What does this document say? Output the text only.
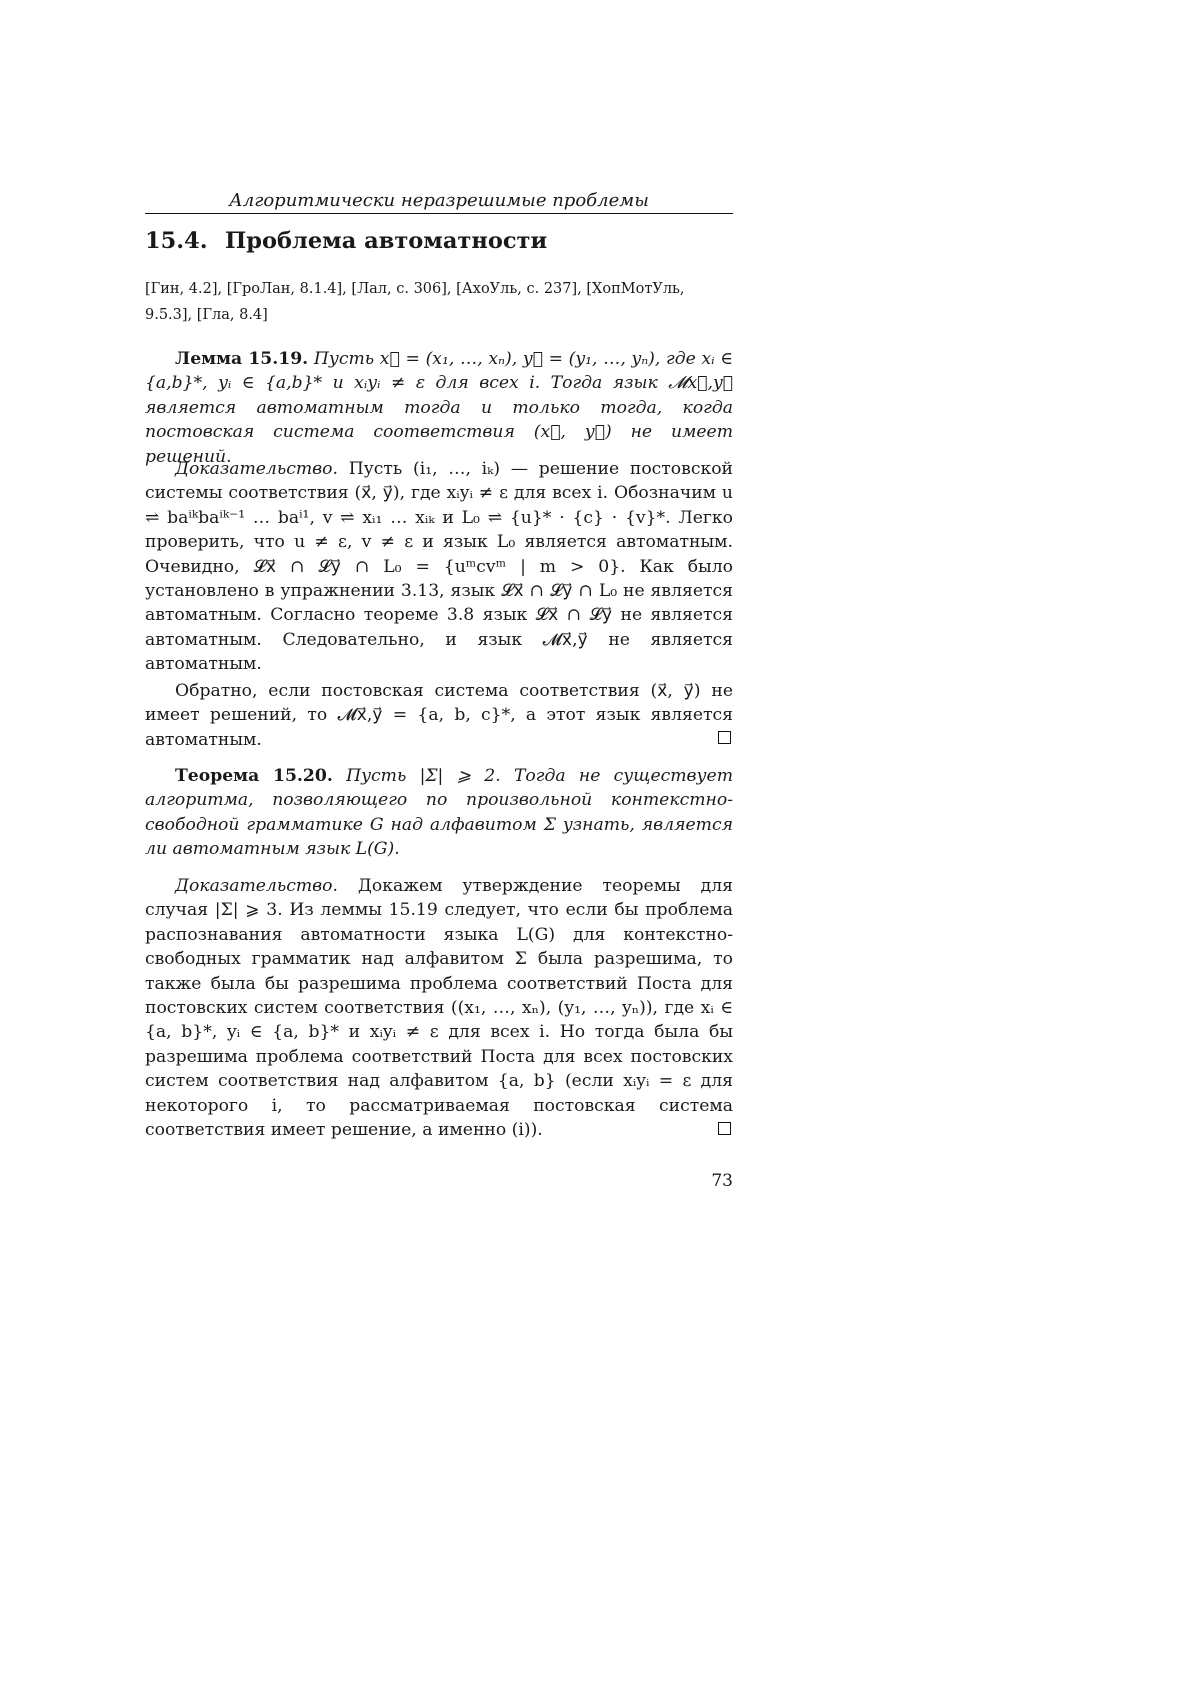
Алгоритмически неразрешимые проблемы
15.4. Проблема автоматности
[Гин, 4.2], [ГроЛан, 8.1.4], [Лал, с. 306], [АхоУль, с. 237], [ХопМотУль, 9.5.3], [Гла, 8.4]

Лемма 15.19. Пусть x⃗ = (x₁, …, xₙ), y⃗ = (y₁, …, yₙ), где xᵢ ∈ {a,b}*, yᵢ ∈ {a,b}* и xᵢyᵢ ≠ ε для всех i. Тогда язык 𝓜x⃗,y⃗ является автоматным тогда и только тогда, когда постовская система соответствия (x⃗, y⃗) не имеет решений.

Доказательство. Пусть (i₁, …, iₖ) — решение постовской системы соответствия (x⃗, y⃗), где xᵢyᵢ ≠ ε для всех i. Обозначим u ⇌ baⁱᵏbaⁱᵏ⁻¹ … baⁱ¹, v ⇌ xᵢ₁ … xᵢₖ и L₀ ⇌ {u}* · {c} · {v}*. Легко проверить, что u ≠ ε, v ≠ ε и язык L₀ является автоматным. Очевидно, 𝓛x⃗ ∩ 𝓛y⃗ ∩ L₀ = {uᵐcvᵐ | m > 0}. Как было установлено в упражнении 3.13, язык 𝓛x⃗ ∩ 𝓛y⃗ ∩ L₀ не является автоматным. Согласно теореме 3.8 язык 𝓛x⃗ ∩ 𝓛y⃗ не является автоматным. Следовательно, и язык 𝓜x⃗,y⃗ не является автоматным.

Обратно, если постовская система соответствия (x⃗, y⃗) не имеет решений, то 𝓜x⃗,y⃗ = {a, b, c}*, а этот язык является автоматным.

Теорема 15.20. Пусть |Σ| ⩾ 2. Тогда не существует алгоритма, позволяющего по произвольной контекстно-свободной грамматике G над алфавитом Σ узнать, является ли автоматным язык L(G).

Доказательство. Докажем утверждение теоремы для случая |Σ| ⩾ 3. Из леммы 15.19 следует, что если бы проблема распознавания автоматности языка L(G) для контекстно-свободных грамматик над алфавитом Σ была разрешима, то также была бы разрешима проблема соответствий Поста для постовских систем соответствия ((x₁, …, xₙ), (y₁, …, yₙ)), где xᵢ ∈ {a, b}*, yᵢ ∈ {a, b}* и xᵢyᵢ ≠ ε для всех i. Но тогда была бы разрешима проблема соответствий Поста для всех постовских систем соответствия над алфавитом {a, b} (если xᵢyᵢ = ε для некоторого i, то рассматриваемая постовская система соответствия имеет решение, а именно (i)).

73
